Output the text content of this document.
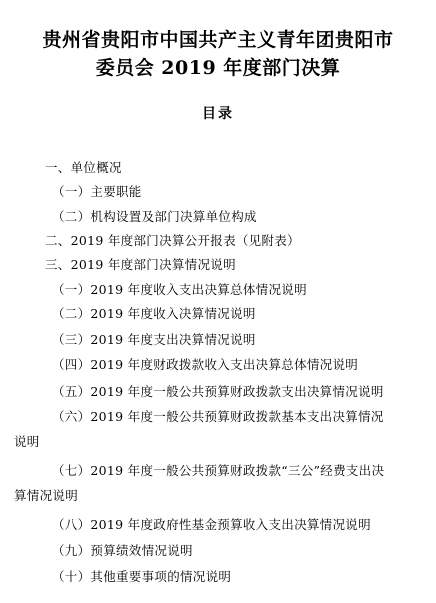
贵州省贵阳市中国共产主义青年团贵阳市
委员会 2019 年度部门决算
目录
一、单位概况
（一）主要职能
（二）机构设置及部门决算单位构成
二、2019 年度部门决算公开报表（见附表）
三、2019 年度部门决算情况说明
（一）2019 年度收入支出决算总体情况说明
（二）2019 年度收入决算情况说明
（三）2019 年度支出决算情况说明
（四）2019 年度财政拨款收入支出决算总体情况说明
（五）2019 年度一般公共预算财政拨款支出决算情况说明
（六）2019 年度一般公共预算财政拨款基本支出决算情况
说明
（七）2019 年度一般公共预算财政拨款“三公”经费支出决
算情况说明
（八）2019 年度政府性基金预算收入支出决算情况说明
（九）预算绩效情况说明
（十）其他重要事项的情况说明
